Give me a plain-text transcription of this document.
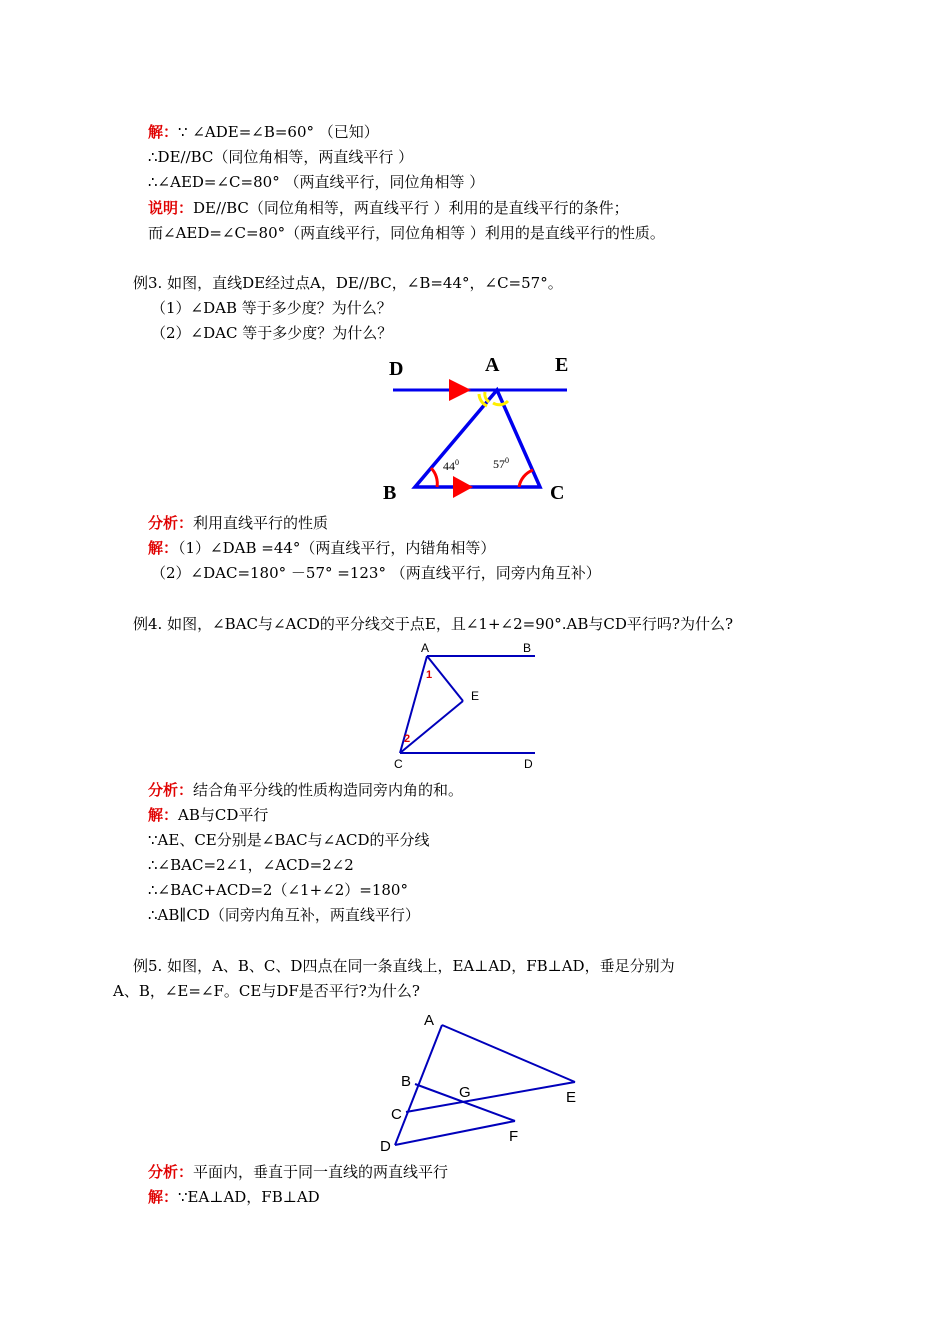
解：∵ ∠ADE=∠B=60° （已知）
∴DE//BC（同位角相等，两直线平行 ）
∴∠AED=∠C=80° （两直线平行，同位角相等 ）
说明：DE//BC（同位角相等，两直线平行 ）利用的是直线平行的条件；
而∠AED=∠C=80°（两直线平行，同位角相等 ）利用的是直线平行的性质。
例3. 如图，直线DE经过点A，DE//BC，∠B=44°，∠C=57°。
（1）∠DAB 等于多少度？为什么？
（2）∠DAC 等于多少度？为什么？
D	A	E
B	C
$44^0$	$57^0$
分析：利用直线平行的性质
解：（1）∠DAB =44°（两直线平行，内错角相等）
（2）∠DAC=180° －57° =123° （两直线平行，同旁内角互补）
例4. 如图，∠BAC与∠ACD的平分线交于点E，且∠1+∠2=90°.AB与CD平行吗?为什么?
A	B
E
C	D
1
2
分析：结合角平分线的性质构造同旁内角的和。
解：AB与CD平行
∵AE、CE分别是∠BAC与∠ACD的平分线
∴∠BAC=2∠1，∠ACD=2∠2
∴∠BAC+ACD=2（∠1+∠2）=180°
∴AB∥CD（同旁内角互补，两直线平行）
例5. 如图，A、B、C、D四点在同一条直线上，EA⊥AD，FB⊥AD，垂足分别为
A、B，∠E=∠F。CE与DF是否平行?为什么?
A
B
C
D
E
F
G
分析：平面内，垂直于同一直线的两直线平行
解：∵EA⊥AD，FB⊥AD
